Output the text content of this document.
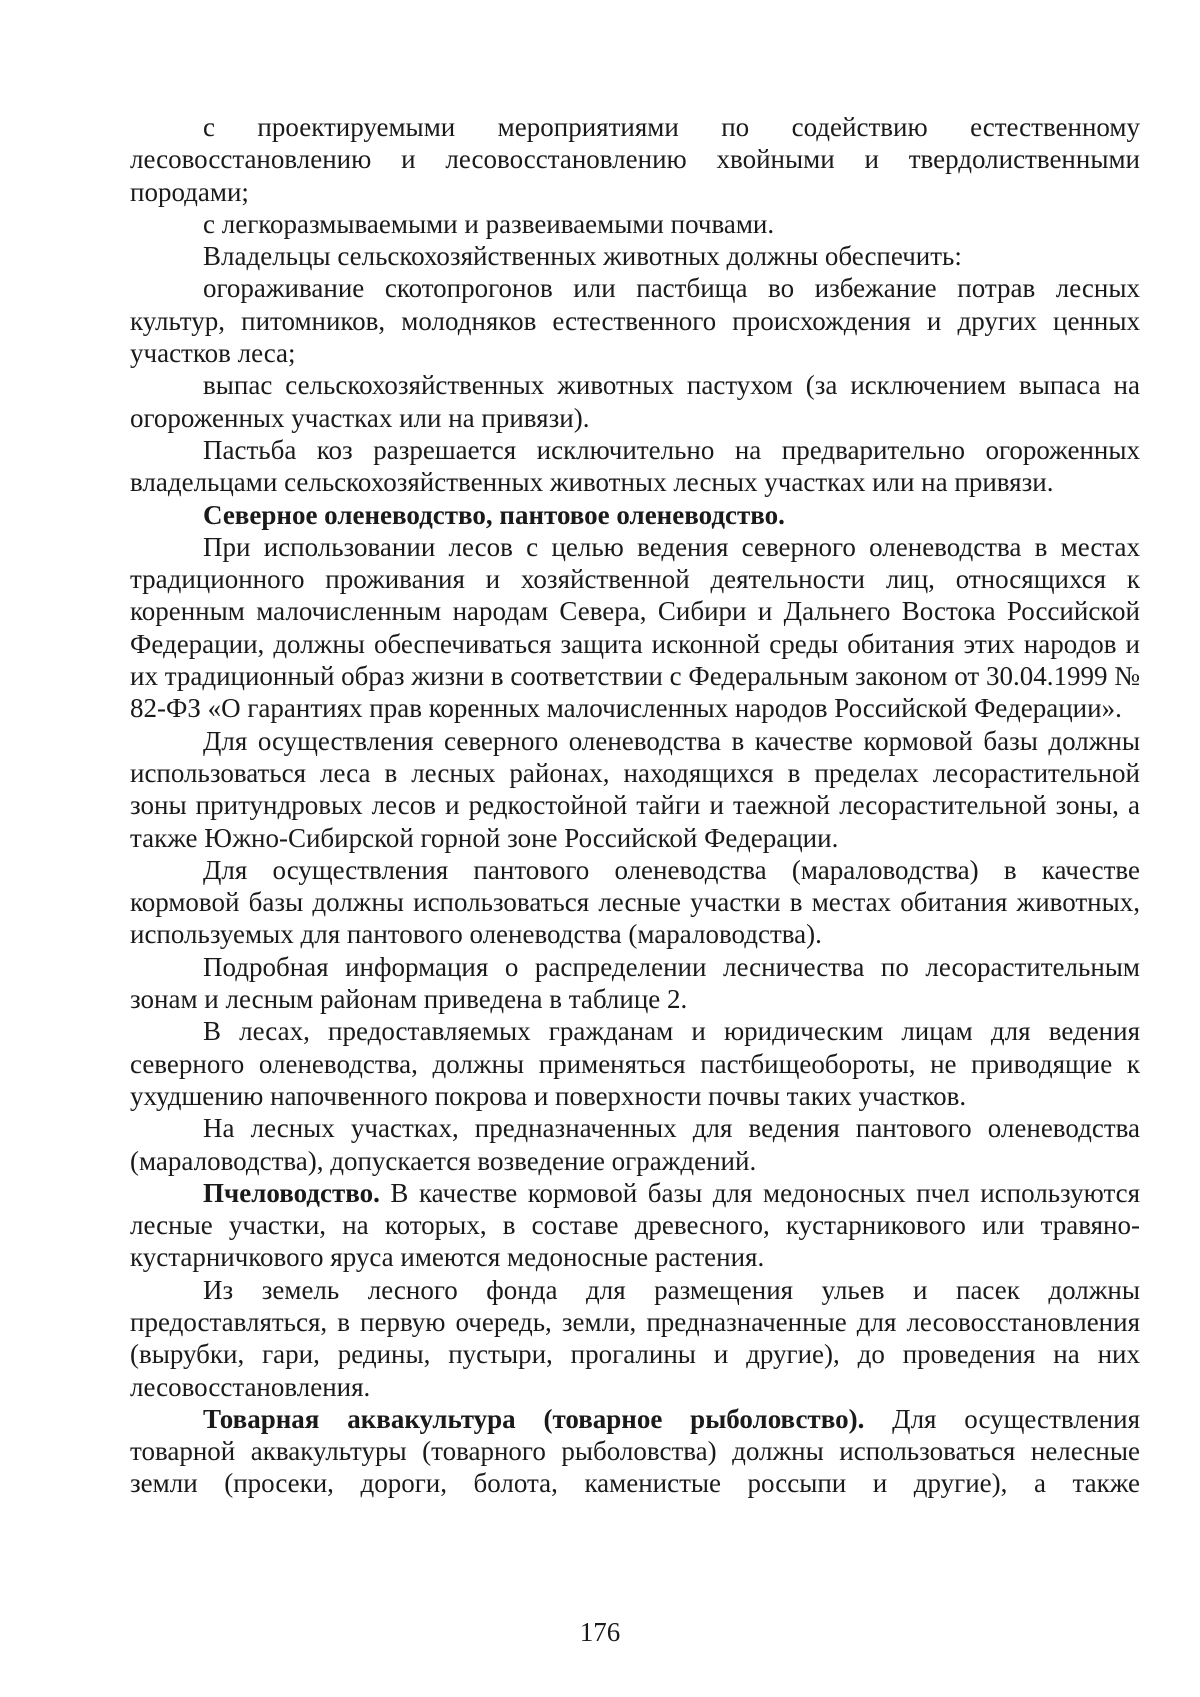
с проектируемыми мероприятиями по содействию естественному лесовосстановлению и лесовосстановлению хвойными и твердолиственными породами;

с легкоразмываемыми и развеиваемыми почвами.

Владельцы сельскохозяйственных животных должны обеспечить:

огораживание скотопрогонов или пастбища во избежание потрав лесных культур, питомников, молодняков естественного происхождения и других ценных участков леса;

выпас сельскохозяйственных животных пастухом (за исключением выпаса на огороженных участках или на привязи).

Пастьба коз разрешается исключительно на предварительно огороженных владельцами сельскохозяйственных животных лесных участках или на привязи.

Северное оленеводство, пантовое оленеводство.

При использовании лесов с целью ведения северного оленеводства в местах традиционного проживания и хозяйственной деятельности лиц, относящихся к коренным малочисленным народам Севера, Сибири и Дальнего Востока Российской Федерации, должны обеспечиваться защита исконной среды обитания этих народов и их традиционный образ жизни в соответствии с Федеральным законом от 30.04.1999 № 82-ФЗ «О гарантиях прав коренных малочисленных народов Российской Федерации».

Для осуществления северного оленеводства в качестве кормовой базы должны использоваться леса в лесных районах, находящихся в пределах лесорастительной зоны притундровых лесов и редкостойной тайги и таежной лесорастительной зоны, а также Южно-Сибирской горной зоне Российской Федерации.

Для осуществления пантового оленеводства (мараловодства) в качестве кормовой базы должны использоваться лесные участки в местах обитания животных, используемых для пантового оленеводства (мараловодства).

Подробная информация о распределении лесничества по лесорастительным зонам и лесным районам приведена в таблице 2.

В лесах, предоставляемых гражданам и юридическим лицам для ведения северного оленеводства, должны применяться пастбищеобороты, не приводящие к ухудшению напочвенного покрова и поверхности почвы таких участков.

На лесных участках, предназначенных для ведения пантового оленеводства (мараловодства), допускается возведение ограждений.

Пчеловодство. В качестве кормовой базы для медоносных пчел используются лесные участки, на которых, в составе древесного, кустарникового или травяно-кустарничкового яруса имеются медоносные растения.

Из земель лесного фонда для размещения ульев и пасек должны предоставляться, в первую очередь, земли, предназначенные для лесовосстановления (вырубки, гари, редины, пустыри, прогалины и другие), до проведения на них лесовосстановления.

Товарная аквакультура (товарное рыболовство). Для осуществления товарной аквакультуры (товарного рыболовства) должны использоваться нелесные земли (просеки, дороги, болота, каменистые россыпи и другие), а также

176
